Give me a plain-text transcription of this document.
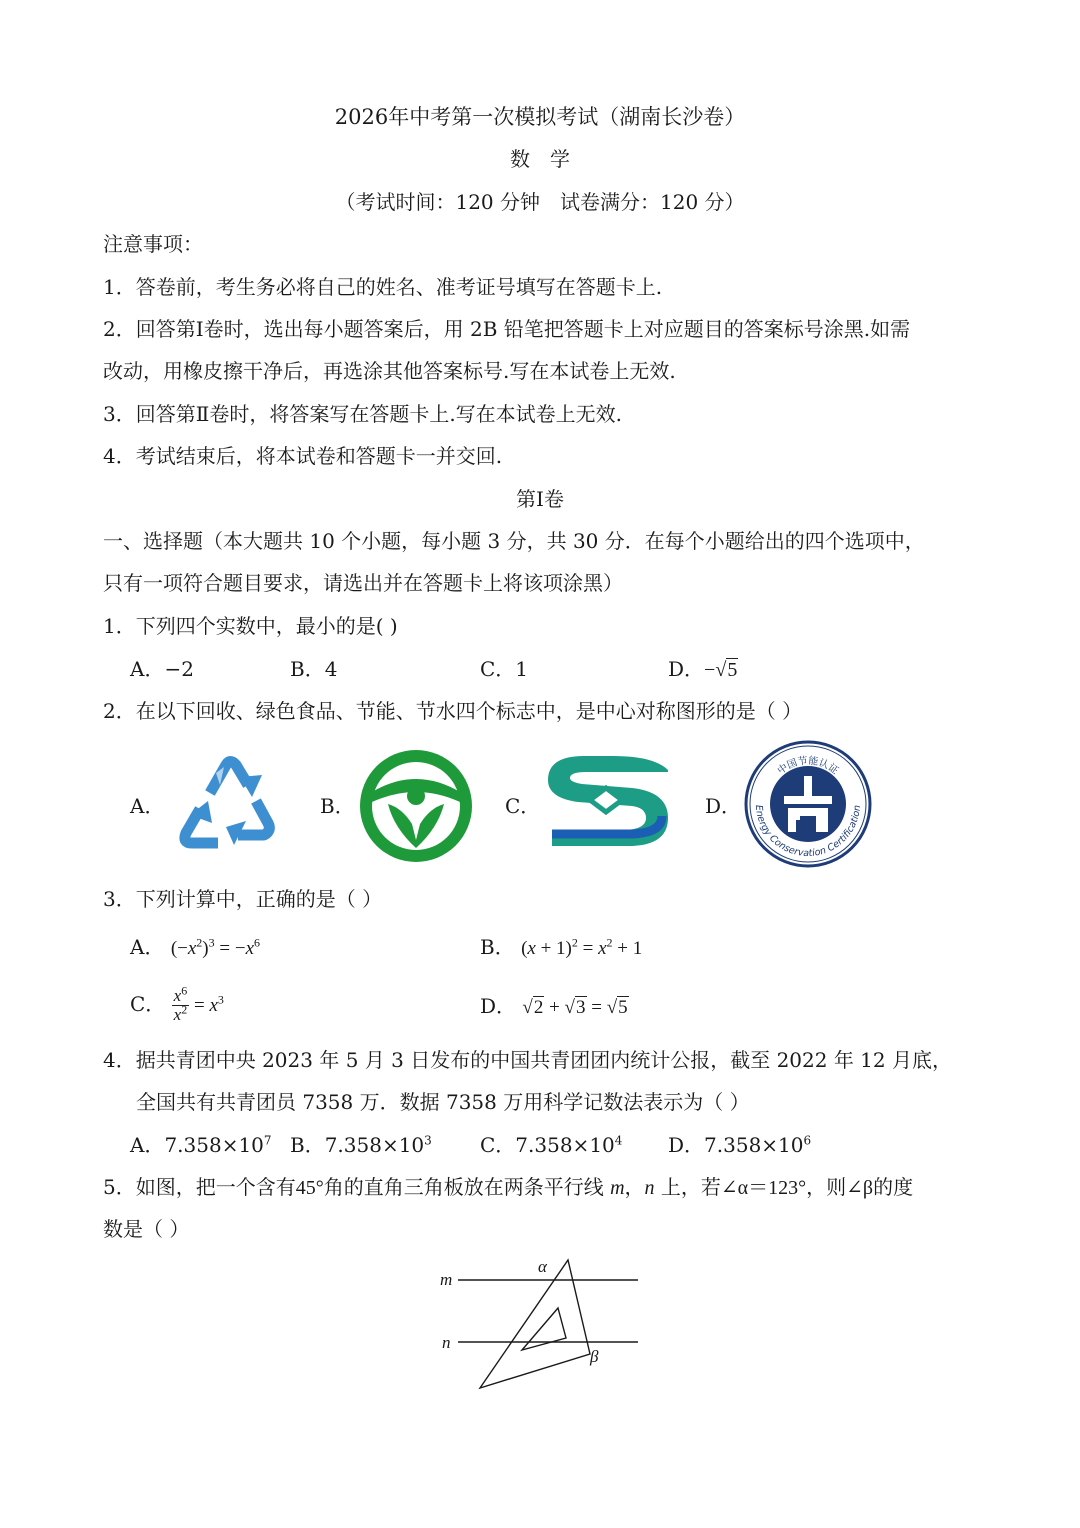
2026年中考第一次模拟考试（湖南长沙卷）
数　学
（考试时间：120 分钟　试卷满分：120 分）
注意事项：
1．答卷前，考生务必将自己的姓名、准考证号填写在答题卡上.
2．回答第Ⅰ卷时，选出每小题答案后，用 2B 铅笔把答题卡上对应题目的答案标号涂黑.如需
改动，用橡皮擦干净后，再选涂其他答案标号.写在本试卷上无效.
3．回答第Ⅱ卷时，将答案写在答题卡上.写在本试卷上无效.
4．考试结束后，将本试卷和答题卡一并交回.
第Ⅰ卷
一、选择题（本大题共 10 个小题，每小题 3 分，共 30 分．在每个小题给出的四个选项中，
只有一项符合题目要求，请选出并在答题卡上将该项涂黑）
1．下列四个实数中，最小的是( )
A．−2	B．4	C．1	D．−√5
2．在以下回收、绿色食品、节能、节水四个标志中，是中心对称图形的是（ ）
A．	B．	C．	D． Energy Conservation Certification
中国节能认证
3．下列计算中，正确的是（ ）
A． $(-x^2)^3 = -x^6$	B． $(x + 1)^2 = x^2 + 1$
C． $\frac{x^6}{x^2} = x^3$	D． √2 + √3 = √5
4．据共青团中央 2023 年 5 月 3 日发布的中国共青团团内统计公报，截至 2022 年 12 月底，
全国共有共青团员 7358 万．数据 7358 万用科学记数法表示为（ ）
A．$7.358\times 10^7$ B．$7.358\times 10^3$ C．$7.358\times 10^4$ D．$7.358\times 10^6$
5．如图，把一个含有45°角的直角三角板放在两条平行线 m，n 上，若∠α＝123°，则∠β的度
数是（ ）
m
n
α
β
